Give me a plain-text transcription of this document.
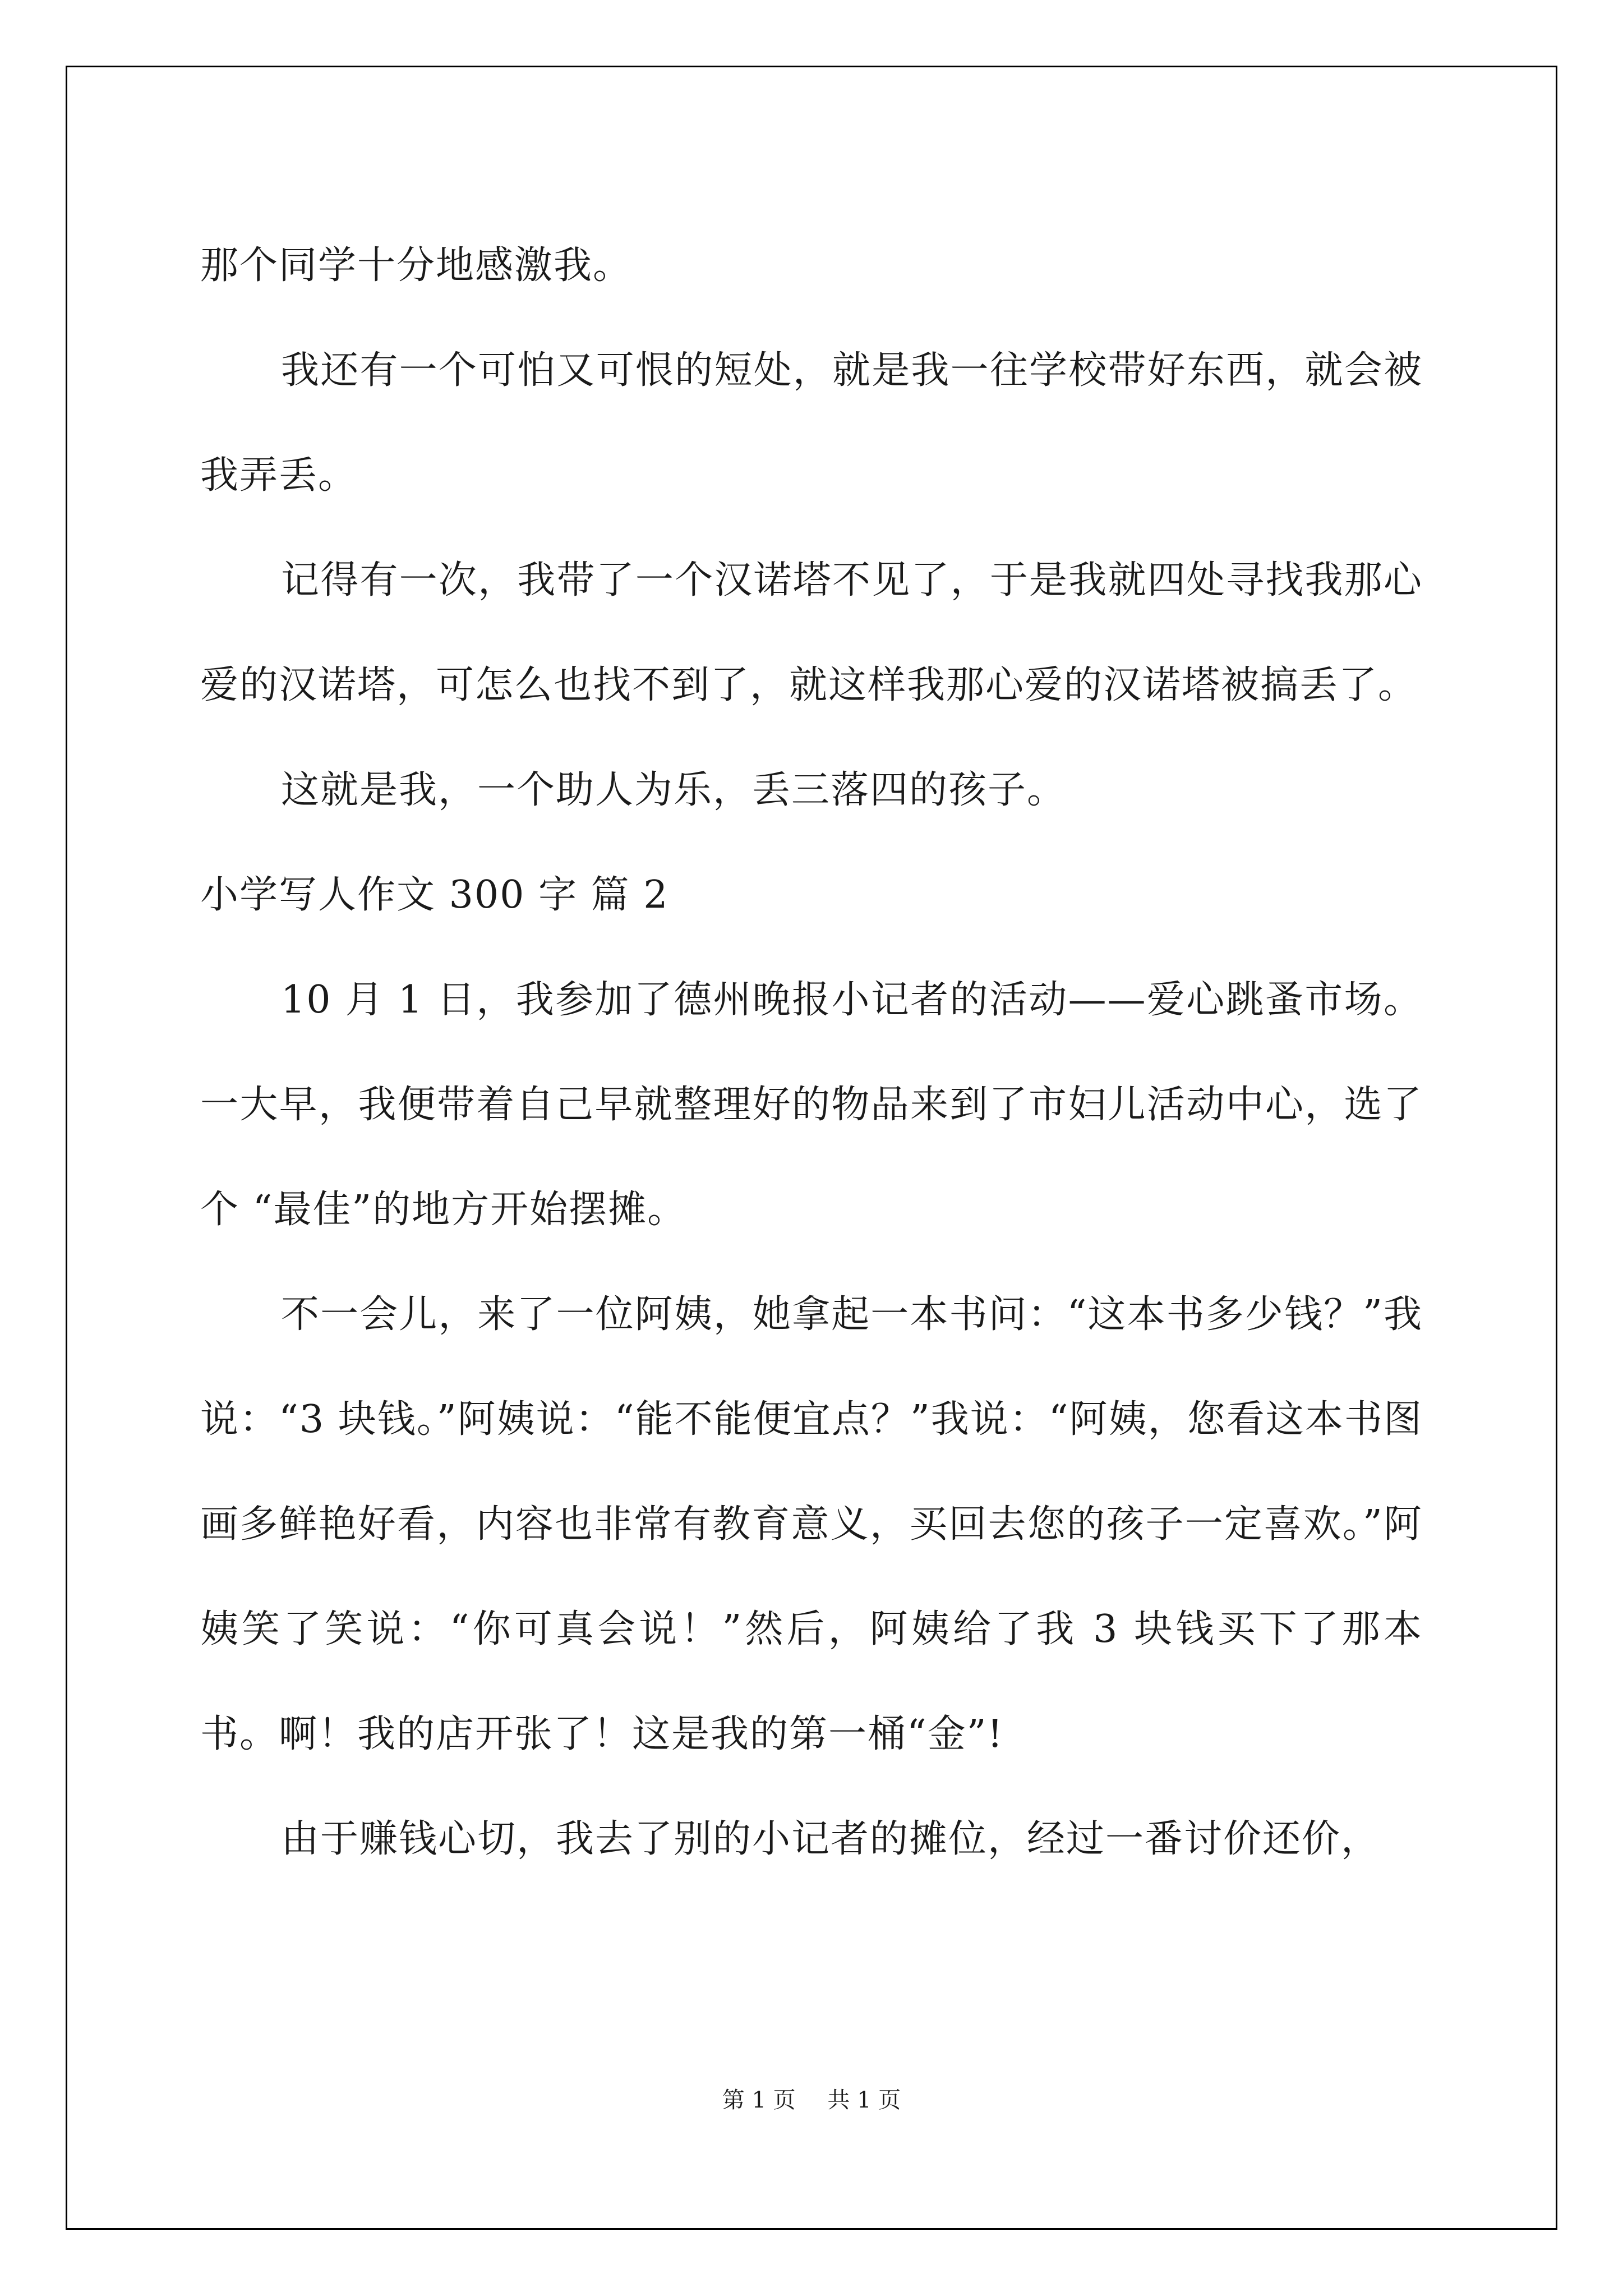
那个同学十分地感激我。

我还有一个可怕又可恨的短处，就是我一往学校带好东西，就会被我弄丢。

记得有一次，我带了一个汉诺塔不见了，于是我就四处寻找我那心爱的汉诺塔，可怎么也找不到了，就这样我那心爱的汉诺塔被搞丢了。

这就是我，一个助人为乐，丢三落四的孩子。

小学写人作文 300 字 篇 2

10 月 1 日，我参加了德州晚报小记者的活动——爱心跳蚤市场。一大早，我便带着自己早就整理好的物品来到了市妇儿活动中心，选了个 “最佳”的地方开始摆摊。

不一会儿，来了一位阿姨，她拿起一本书问：“这本书多少钱？”我说：“3 块钱。”阿姨说：“能不能便宜点？”我说：“阿姨，您看这本书图画多鲜艳好看，内容也非常有教育意义，买回去您的孩子一定喜欢。”阿姨笑了笑说：“你可真会说！”然后，阿姨给了我 3 块钱买下了那本书。啊！我的店开张了！这是我的第一桶“金”!

由于赚钱心切，我去了别的小记者的摊位，经过一番讨价还价，

第 1 页 共 1 页
